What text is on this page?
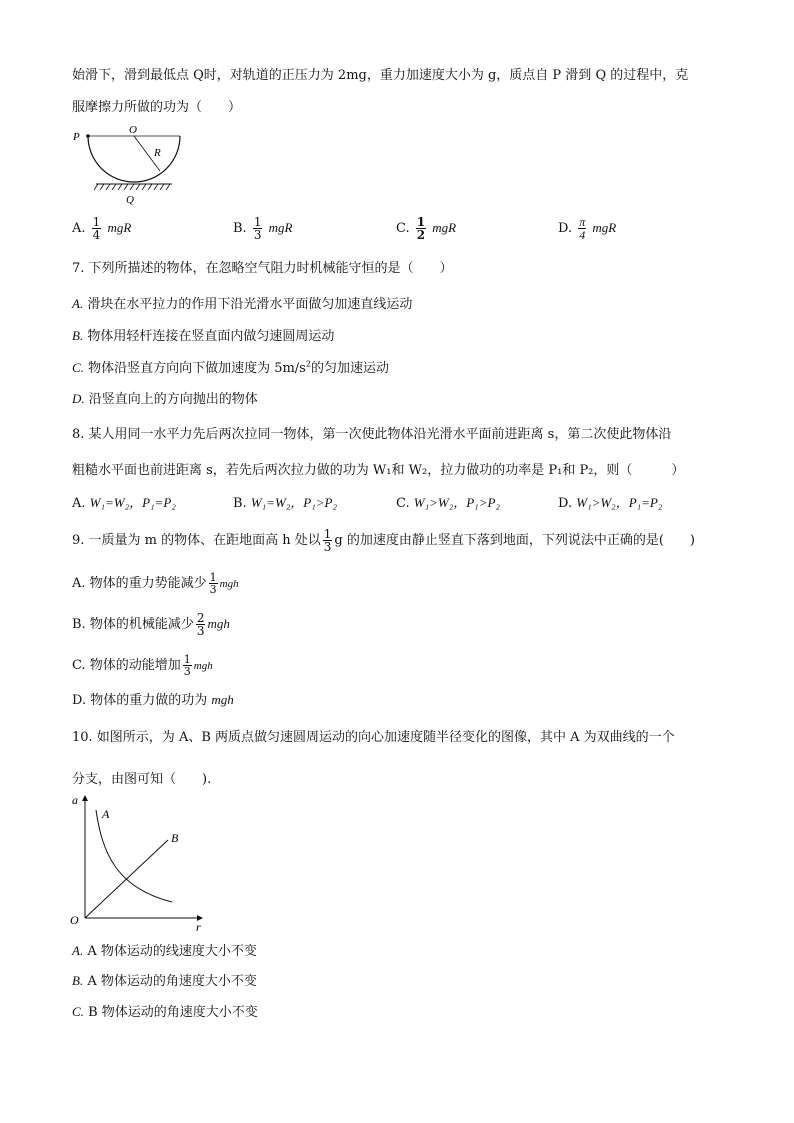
始滑下，滑到最低点 Q时，对轨道的正压力为 2mg，重力加速度大小为 g，质点自 P 滑到 Q 的过程中，克
服摩擦力所做的功为（　　）
P
O
R
Q
A. $\frac{1}{4}$ mgR	B. $\frac{1}{3}$ mgR	C. $\frac{1}{2}$ mgR	D. $\frac{\pi}{4}$ mgR
7. 下列所描述的物体，在忽略空气阻力时机械能守恒的是（　　）
A. 滑块在水平拉力的作用下沿光滑水平面做匀加速直线运动
B. 物体用轻杆连接在竖直面内做匀速圆周运动
C. 物体沿竖直方向向下做加速度为 $5m/s^2$的匀加速运动
D. 沿竖直向上的方向抛出的物体
8. 某人用同一水平力先后两次拉同一物体，第一次使此物体沿光滑水平面前进距离 s，第二次使此物体沿
粗糙水平面也前进距离 s，若先后两次拉力做的功为 W₁和 W₂，拉力做功的功率是 P₁和 P₂，则（　　　）
A. W₁=W₂，P₁=P₂	B. W₁=W₂，P₁>P₂	C. W₁>W₂，P₁>P₂	D. W₁>W₂，P₁=P₂
9. 一质量为 m 的物体、在距地面高 h 处以 $\frac{1}{3}$ g 的加速度由静止竖直下落到地面，下列说法中正确的是(　　)
A. 物体的重力势能减少 $\frac{1}{3}$ mgh
B. 物体的机械能减少 $\frac{2}{3}$ mgh
C. 物体的动能增加 $\frac{1}{3}$ mgh
D. 物体的重力做的功为 mgh
10. 如图所示，为 A、B 两质点做匀速圆周运动的向心加速度随半径变化的图像，其中 A 为双曲线的一个
分支，由图可知（　　).
a
r
O
A
B
A. A 物体运动的线速度大小不变
B. A 物体运动的角速度大小不变
C. B 物体运动的角速度大小不变
